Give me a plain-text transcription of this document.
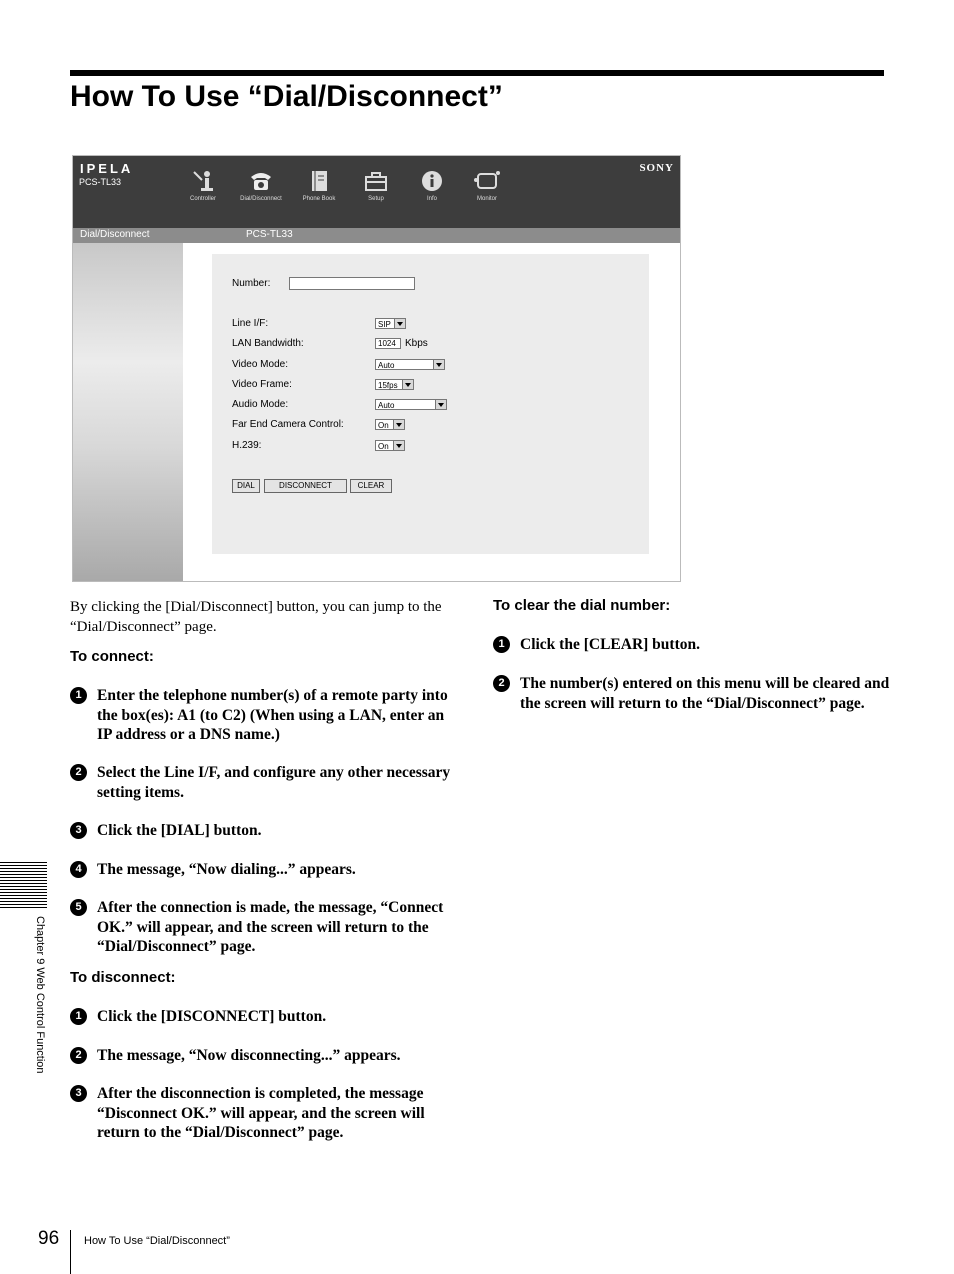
How To Use “Dial/Disconnect”
IPELA
PCS-TL33
SONY
Controller	Dial/Disconnect	Phone Book	Setup	Info	Monitor
Dial/Disconnect	PCS-TL33
Number:
Line I/F:	SIP
LAN Bandwidth:	1024 Kbps
Video Mode:	Auto
Video Frame:	15fps
Audio Mode:	Auto
Far End Camera Control:	On
H.239:	On
DIAL	DISCONNECT	CLEAR
By clicking the [Dial/Disconnect] button, you can jump to the “Dial/Disconnect” page.
To connect:
1 Enter the telephone number(s) of a remote party into the box(es): A1 (to C2) (When using a LAN, enter an IP address or a DNS name.)
2 Select the Line I/F, and configure any other necessary setting items.
3 Click the [DIAL] button.
4 The message, “Now dialing...” appears.
5 After the connection is made, the message, “Connect OK.” will appear, and the screen will return to the “Dial/Disconnect” page.
To disconnect:
1 Click the [DISCONNECT] button.
2 The message, “Now disconnecting...” appears.
3 After the disconnection is completed, the message “Disconnect OK.” will appear, and the screen will return to the “Dial/Disconnect” page.
To clear the dial number:
1 Click the [CLEAR] button.
2 The number(s) entered on this menu will be cleared and the screen will return to the “Dial/Disconnect” page.
Chapter 9 Web Control Function
96 How To Use “Dial/Disconnect”
